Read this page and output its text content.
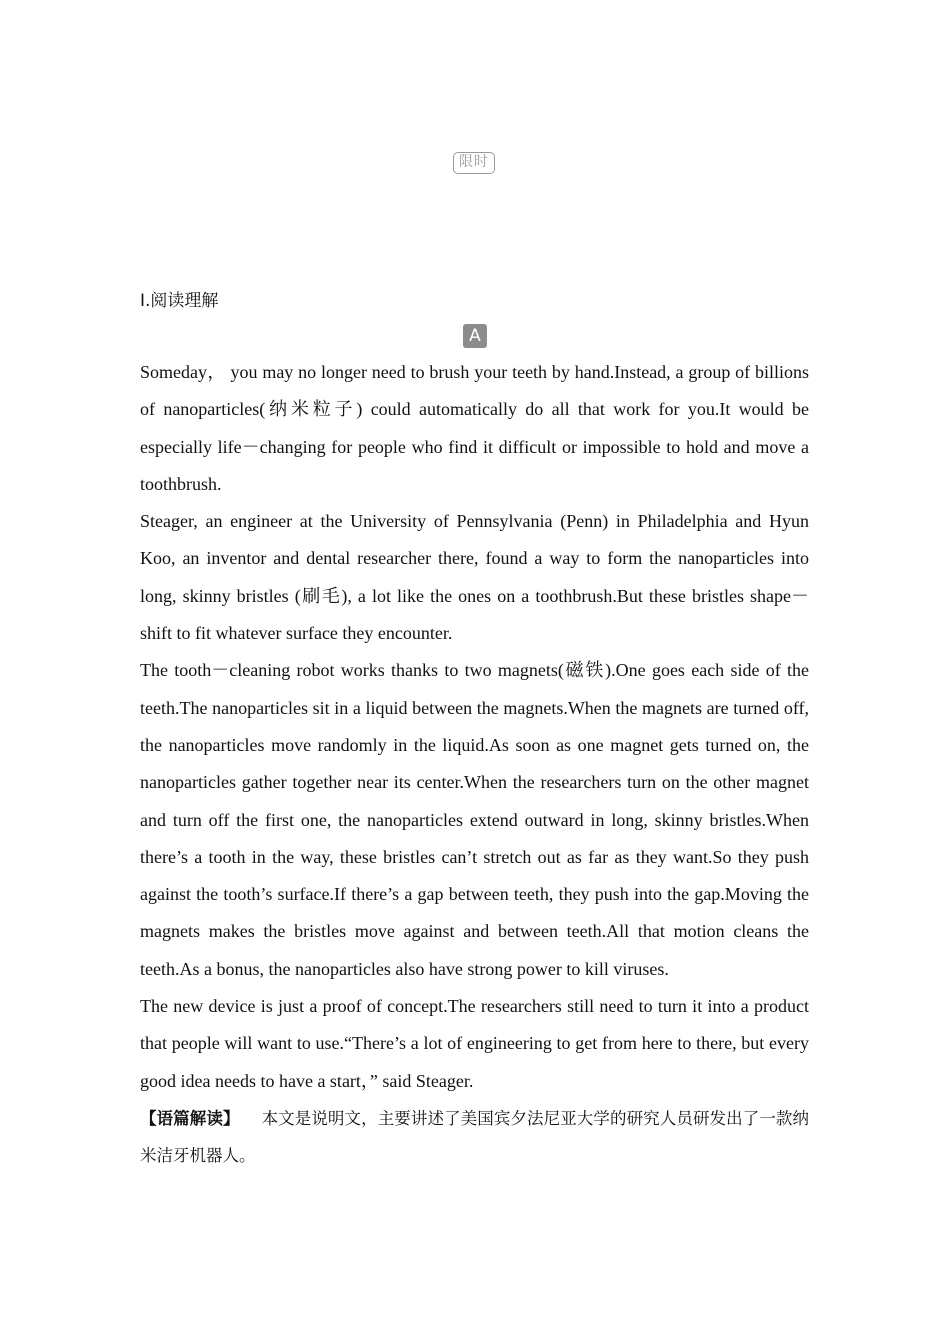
限时
Ⅰ.阅读理解
A

Someday， you may no longer need to brush your teeth by hand.Instead, a group of billions of nanoparticles(纳米粒子) could automatically do all that work for you.It would be especially life－changing for people who find it difficult or impossible to hold and move a toothbrush.

Steager, an engineer at the University of Pennsylvania (Penn) in Philadelphia and Hyun Koo, an inventor and dental researcher there, found a way to form the nanoparticles into long, skinny bristles (刷毛), a lot like the ones on a toothbrush.But these bristles shape－shift to fit whatever surface they encounter.

The tooth－cleaning robot works thanks to two magnets(磁铁).One goes each side of the teeth.The nanoparticles sit in a liquid between the magnets.When the magnets are turned off, the nanoparticles move randomly in the liquid.As soon as one magnet gets turned on, the nanoparticles gather together near its center.When the researchers turn on the other magnet and turn off the first one, the nanoparticles extend outward in long, skinny bristles.When there’s a tooth in the way, these bristles can’t stretch out as far as they want.So they push against the tooth’s surface.If there’s a gap between teeth, they push into the gap.Moving the magnets makes the bristles move against and between teeth.All that motion cleans the teeth.As a bonus, the nanoparticles also have strong power to kill viruses.

The new device is just a proof of concept.The researchers still need to turn it into a product that people will want to use.“There’s a lot of engineering to get from here to there, but every good idea needs to have a start，” said Steager.

【语篇解读】 本文是说明文，主要讲述了美国宾夕法尼亚大学的研究人员研发出了一款纳米洁牙机器人。
